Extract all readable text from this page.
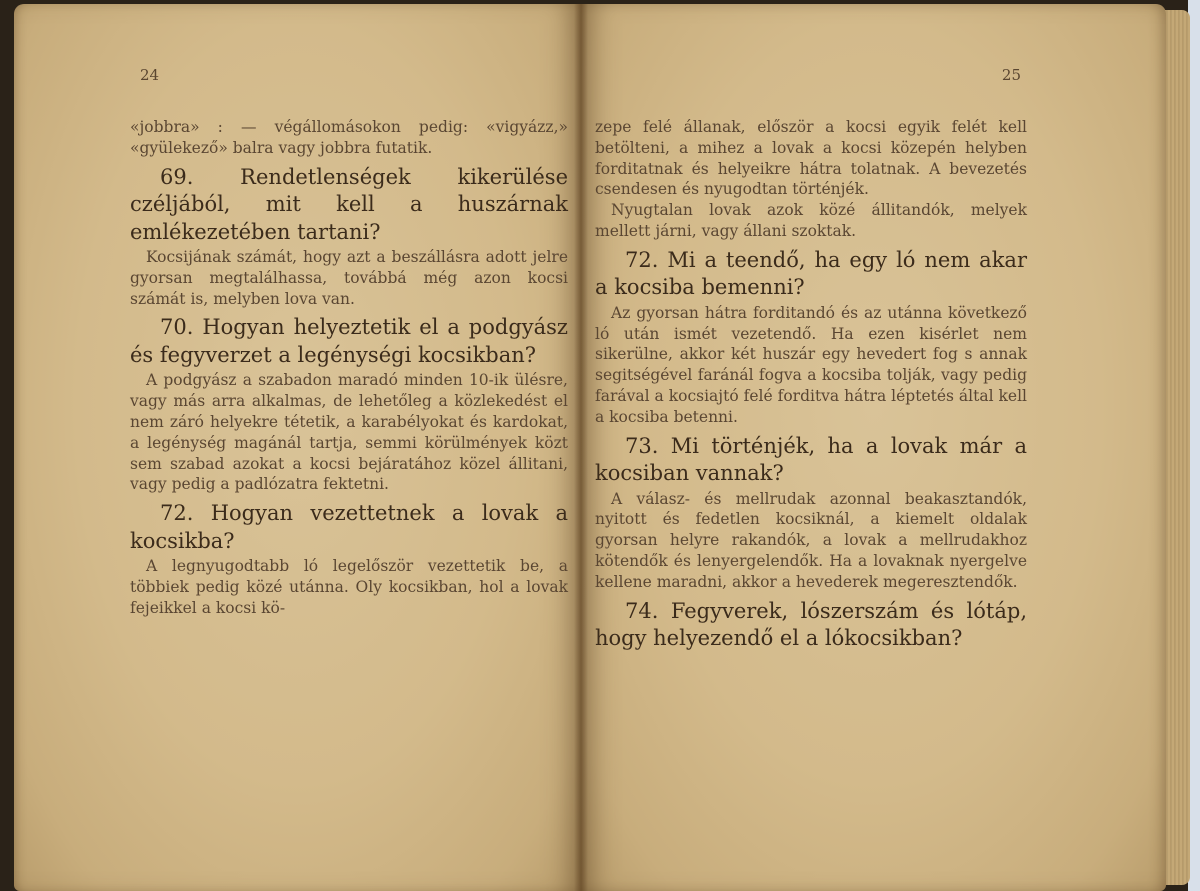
24

«jobbra» : — végállomásokon pedig: «vigyázz,» «gyülekező» balra vagy jobbra futatik.

69. Rendetlenségek kikerülése czéljából, mit kell a huszárnak emlékezetében tartani?

Kocsijának számát, hogy azt a beszállásra adott jelre gyorsan megtalálhassa, továbbá még azon kocsi számát is, melyben lova van.

70. Hogyan helyeztetik el a podgyász és fegyverzet a legénységi kocsikban?

A podgyász a szabadon maradó minden 10-ik ülésre, vagy más arra alkalmas, de lehetőleg a közlekedést el nem záró helyekre tétetik, a karabélyokat és kardokat, a legénység magánál tartja, semmi körülmények közt sem szabad azokat a kocsi bejáratához közel állitani, vagy pedig a padlózatra fektetni.

72. Hogyan vezettetnek a lovak a kocsikba?

A legnyugodtabb ló legelőször vezettetik be, a többiek pedig közé utánna. Oly kocsikban, hol a lovak fejeikkel a kocsi kö-

25

zepe felé állanak, először a kocsi egyik felét kell betölteni, a mihez a lovak a kocsi közepén helyben forditatnak és helyeikre hátra tolatnak. A bevezetés csendesen és nyugodtan történjék.

Nyugtalan lovak azok közé állitandók, melyek mellett járni, vagy állani szoktak.

72. Mi a teendő, ha egy ló nem akar a kocsiba bemenni?

Az gyorsan hátra forditandó és az utánna következő ló után ismét vezetendő. Ha ezen kisérlet nem sikerülne, akkor két huszár egy hevedert fog s annak segitségével faránál fogva a kocsiba tolják, vagy pedig farával a kocsiajtó felé forditva hátra léptetés által kell a kocsiba betenni.

73. Mi történjék, ha a lovak már a kocsiban vannak?

A válasz- és mellrudak azonnal beakasztandók, nyitott és fedetlen kocsiknál, a kiemelt oldalak gyorsan helyre rakandók, a lovak a mellrudakhoz kötendők és lenyergelendők. Ha a lovaknak nyergelve kellene maradni, akkor a hevederek megeresztendők.

74. Fegyverek, lószerszám és lótáp, hogy helyezendő el a lókocsikban?
